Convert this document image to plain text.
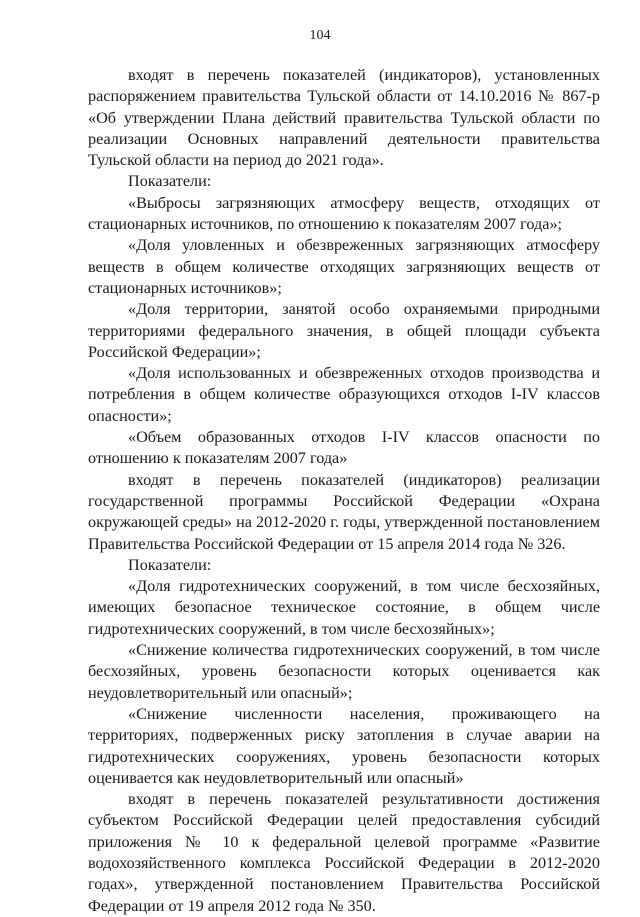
104

входят в перечень показателей (индикаторов), установленных распоряжением правительства Тульской области от 14.10.2016 № 867-р «Об утверждении Плана действий правительства Тульской области по реализации Основных направлений деятельности правительства Тульской области на период до 2021 года».

Показатели:

«Выбросы загрязняющих атмосферу веществ, отходящих от стационарных источников, по отношению к показателям 2007 года»;

«Доля уловленных и обезвреженных загрязняющих атмосферу веществ в общем количестве отходящих загрязняющих веществ от стационарных источников»;

«Доля территории, занятой особо охраняемыми природными территориями федерального значения, в общей площади субъекта Российской Федерации»;

«Доля использованных и обезвреженных отходов производства и потребления в общем количестве образующихся отходов I-IV классов опасности»;

«Объем образованных отходов I-IV классов опасности по отношению к показателям 2007 года»

входят в перечень показателей (индикаторов) реализации государственной программы Российской Федерации «Охрана окружающей среды» на 2012-2020 г. годы, утвержденной постановлением Правительства Российской Федерации от 15 апреля 2014 года № 326.

Показатели:

«Доля гидротехнических сооружений, в том числе бесхозяйных, имеющих безопасное техническое состояние, в общем числе гидротехнических сооружений, в том числе бесхозяйных»;

«Снижение количества гидротехнических сооружений, в том числе бесхозяйных, уровень безопасности которых оценивается как неудовлетворительный или опасный»;

«Снижение численности населения, проживающего на территориях, подверженных риску затопления в случае аварии на гидротехнических сооружениях, уровень безопасности которых оценивается как неудовлетворительный или опасный»

входят в перечень показателей результативности достижения субъектом Российской Федерации целей предоставления субсидий приложения № 10 к федеральной целевой программе «Развитие водохозяйственного комплекса Российской Федерации в 2012-2020 годах», утвержденной постановлением Правительства Российской Федерации от 19 апреля 2012 года № 350.
